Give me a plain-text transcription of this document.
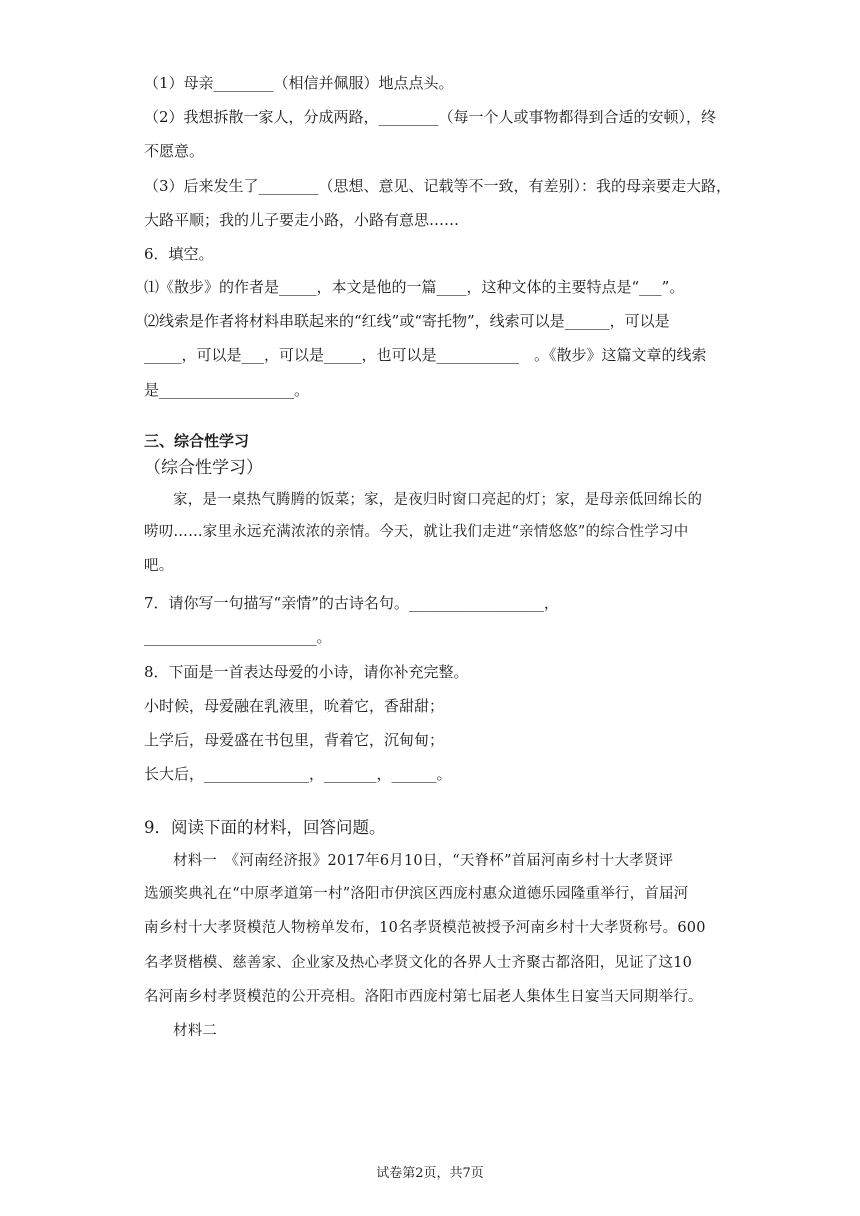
（1）母亲________（相信并佩服）地点点头。
（2）我想拆散一家人，分成两路，________（每一个人或事物都得到合适的安顿），终
不愿意。
（3）后来发生了________（思想、意见、记载等不一致，有差别）：我的母亲要走大路，
大路平顺；我的儿子要走小路，小路有意思……
6．填空。
⑴《散步》的作者是_____，本文是他的一篇____，这种文体的主要特点是“___”。
⑵线索是作者将材料串联起来的“红线”或“寄托物”，线索可以是______，可以是
_____，可以是___，可以是_____，也可以是___________　。《散步》这篇文章的线索
是__________________。
三、综合性学习
（综合性学习）
家，是一桌热气腾腾的饭菜；家，是夜归时窗口亮起的灯；家，是母亲低回绵长的
唠叨……家里永远充满浓浓的亲情。今天，就让我们走进“亲情悠悠”的综合性学习中
吧。
7．请你写一句描写“亲情”的古诗名句。__________________，
_______________________。
8．下面是一首表达母爱的小诗，请你补充完整。
小时候，母爱融在乳液里，吮着它，香甜甜；
上学后，母爱盛在书包里，背着它，沉甸甸；
长大后，______________，_______，______。
9．阅读下面的材料，回答问题。
材料一　《河南经济报》2017年6月10日，“天脊杯”首届河南乡村十大孝贤评
选颁奖典礼在“中原孝道第一村”洛阳市伊滨区西庞村惠众道德乐园隆重举行，首届河
南乡村十大孝贤模范人物榜单发布，10名孝贤模范被授予河南乡村十大孝贤称号。600
名孝贤楷模、慈善家、企业家及热心孝贤文化的各界人士齐聚古都洛阳，见证了这10
名河南乡村孝贤模范的公开亮相。洛阳市西庞村第七届老人集体生日宴当天同期举行。
材料二
试卷第2页，共7页
